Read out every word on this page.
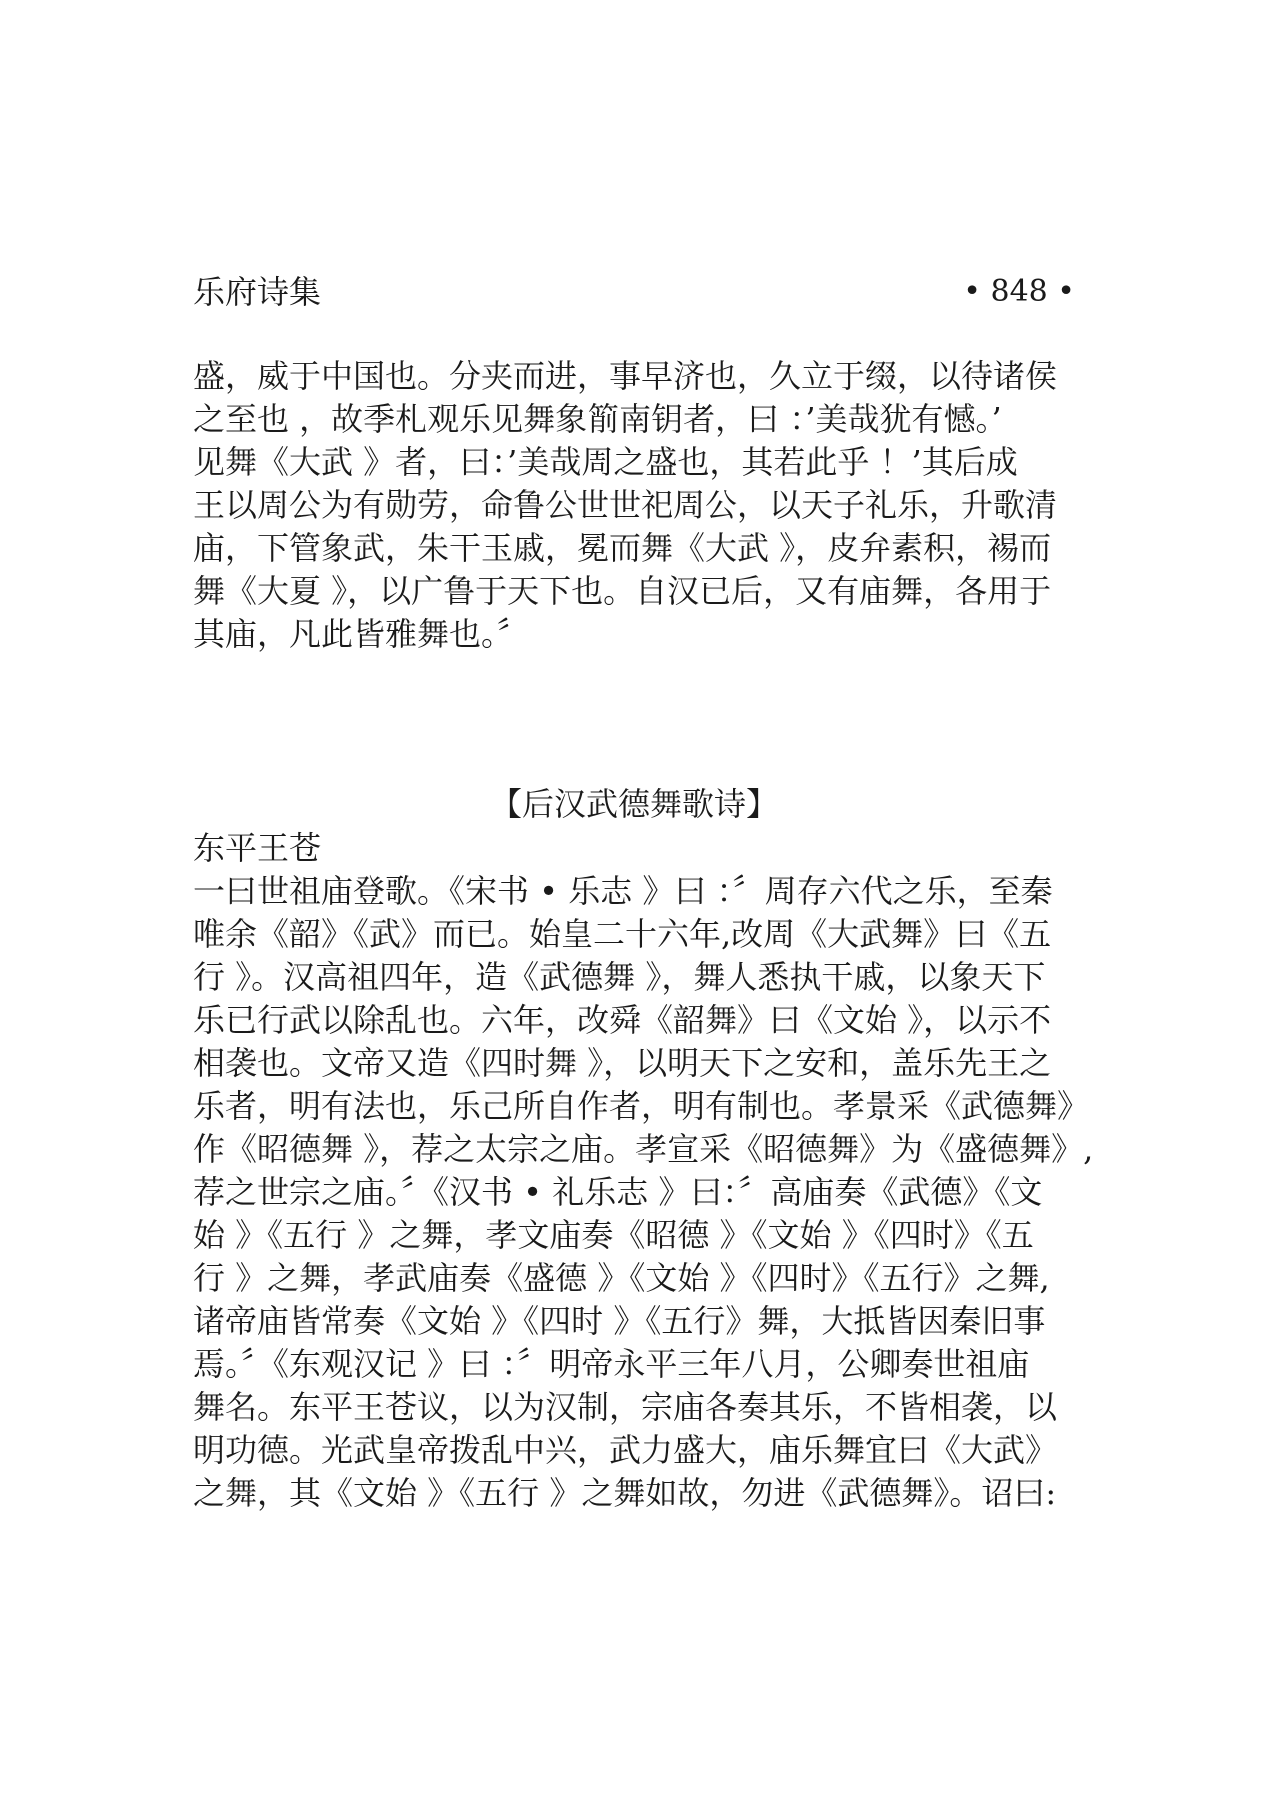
乐府诗集	• 848 •
盛，威于中国也。分夹而进，事早济也，久立于缀，以待诸侯
之至也 ，故季札观乐见舞象箾南钥者，曰 ：’美哉犹有憾。’
见舞《大武 》者，曰：’美哉周之盛也，其若此乎 ！’其后成
王以周公为有勋劳，命鲁公世世祀周公，以天子礼乐，升歌清
庙，下管象武，朱干玉戚，冕而舞《大武 》，皮弁素积，裼而
舞《大夏 》，以广鲁于天下也。自汉已后，又有庙舞，各用于
其庙，凡此皆雅舞也。〞
【后汉武德舞歌诗】
东平王苍
一曰世祖庙登歌。《宋书 • 乐志 》曰 ：〞周存六代之乐，至秦
唯余《韶》《武》而已。始皇二十六年,改周《大武舞》曰《五
行 》。汉高祖四年，造《武德舞 》，舞人悉执干戚，以象天下
乐已行武以除乱也。六年，改舜《韶舞》曰《文始 》，以示不
相袭也。文帝又造《四时舞 》，以明天下之安和，盖乐先王之
乐者，明有法也，乐己所自作者，明有制也。孝景采《武德舞》
作《昭德舞 》，荐之太宗之庙。孝宣采《昭德舞》为《盛德舞》,
荐之世宗之庙。〞《汉书 • 礼乐志 》曰：〞高庙奏《武德》《文
始 》《五行 》之舞，孝文庙奏《昭德 》《文始 》《四时》《五
行 》之舞，孝武庙奏《盛德 》《文始 》《四时》《五行》之舞,
诸帝庙皆常奏《文始 》《四时 》《五行》舞，大抵皆因秦旧事
焉。〞《东观汉记 》曰 ：〞明帝永平三年八月，公卿奏世祖庙
舞名。东平王苍议，以为汉制，宗庙各奏其乐，不皆相袭，以
明功德。光武皇帝拨乱中兴，武力盛大，庙乐舞宜曰《大武》
之舞，其《文始 》《五行 》之舞如故，勿进《武德舞》。诏曰:
